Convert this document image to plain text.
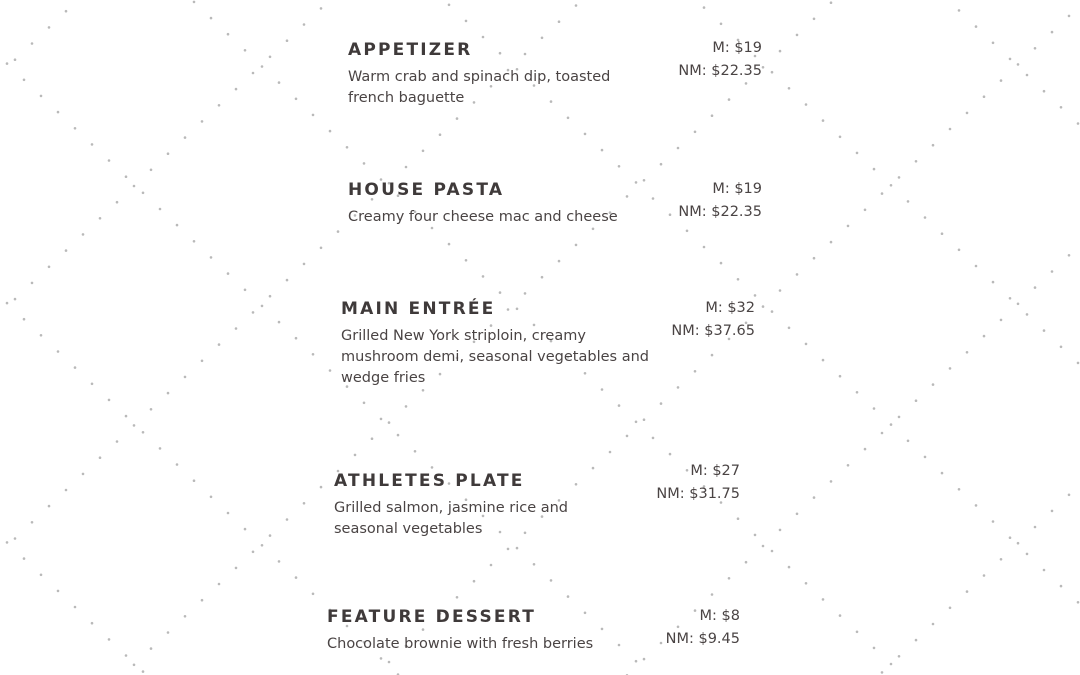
APPETIZER

Warm crab and spinach dip, toasted french baguette

M: $19
NM: $22.35
HOUSE PASTA

Creamy four cheese mac and cheese

M: $19
NM: $22.35
MAIN ENTRÉE

Grilled New York striploin, creamy mushroom demi, seasonal vegetables and wedge fries

M: $32
NM: $37.65
ATHLETES PLATE

Grilled salmon, jasmine rice and seasonal vegetables

M: $27
NM: $31.75
FEATURE DESSERT

Chocolate brownie with fresh berries

M: $8
NM: $9.45
